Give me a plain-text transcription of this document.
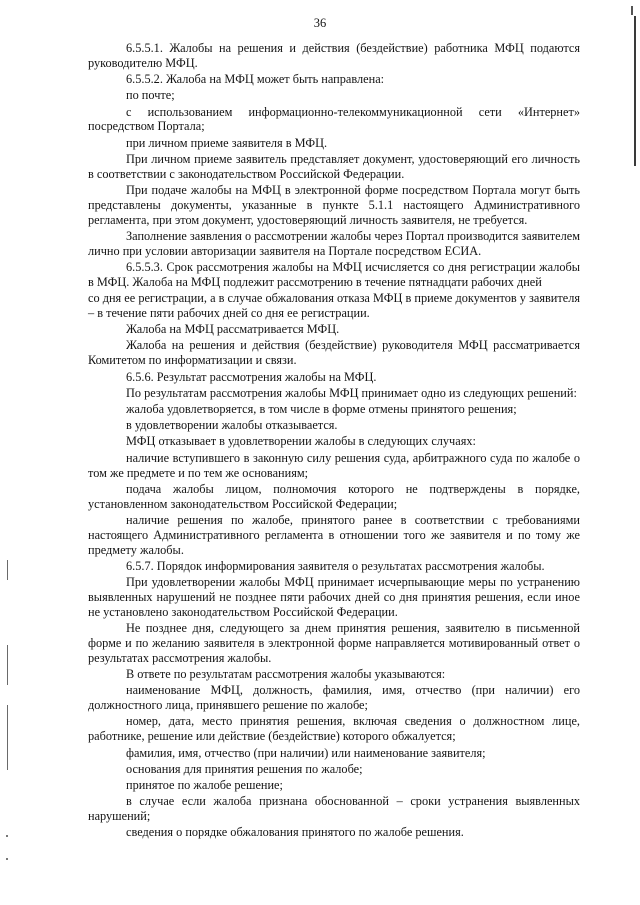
36

6.5.5.1. Жалобы на решения и действия (бездействие) работника МФЦ подаются руководителю МФЦ.

6.5.5.2. Жалоба на МФЦ может быть направлена:

по почте;

с использованием информационно-телекоммуникационной сети «Интернет» посредством Портала;

при личном приеме заявителя в МФЦ.

При личном приеме заявитель представляет документ, удостоверяющий его личность в соответствии с законодательством Российской Федерации.

При подаче жалобы на МФЦ в электронной форме посредством Портала могут быть представлены документы, указанные в пункте 5.1.1 настоящего Административного регламента, при этом документ, удостоверяющий личность заявителя, не требуется.

Заполнение заявления о рассмотрении жалобы через Портал производится заявителем лично при условии авторизации заявителя на Портале посредством ЕСИА.

6.5.5.3. Срок рассмотрения жалобы на МФЦ исчисляется со дня регистрации жалобы в МФЦ. Жалоба на МФЦ подлежит рассмотрению в течение пятнадцати рабочих дней

со дня ее регистрации, а в случае обжалования отказа МФЦ в приеме документов у заявителя – в течение пяти рабочих дней со дня ее регистрации.

Жалоба на МФЦ рассматривается МФЦ.

Жалоба на решения и действия (бездействие) руководителя МФЦ рассматривается Комитетом по информатизации и связи.

6.5.6. Результат рассмотрения жалобы на МФЦ.

По результатам рассмотрения жалобы МФЦ принимает одно из следующих решений:

жалоба удовлетворяется, в том числе в форме отмены принятого решения;

в удовлетворении жалобы отказывается.

МФЦ отказывает в удовлетворении жалобы в следующих случаях:

наличие вступившего в законную силу решения суда, арбитражного суда по жалобе о том же предмете и по тем же основаниям;

подача жалобы лицом, полномочия которого не подтверждены в порядке, установленном законодательством Российской Федерации;

наличие решения по жалобе, принятого ранее в соответствии с требованиями настоящего Административного регламента в отношении того же заявителя и по тому же предмету жалобы.

6.5.7. Порядок информирования заявителя о результатах рассмотрения жалобы.

При удовлетворении жалобы МФЦ принимает исчерпывающие меры по устранению выявленных нарушений не позднее пяти рабочих дней со дня принятия решения, если иное не установлено законодательством Российской Федерации.

Не позднее дня, следующего за днем принятия решения, заявителю в письменной форме и по желанию заявителя в электронной форме направляется мотивированный ответ о результатах рассмотрения жалобы.

В ответе по результатам рассмотрения жалобы указываются:

наименование МФЦ, должность, фамилия, имя, отчество (при наличии) его должностного лица, принявшего решение по жалобе;

номер, дата, место принятия решения, включая сведения о должностном лице, работнике, решение или действие (бездействие) которого обжалуется;

фамилия, имя, отчество (при наличии) или наименование заявителя;

основания для принятия решения по жалобе;

принятое по жалобе решение;

в случае если жалоба признана обоснованной – сроки устранения выявленных нарушений;

сведения о порядке обжалования принятого по жалобе решения.
